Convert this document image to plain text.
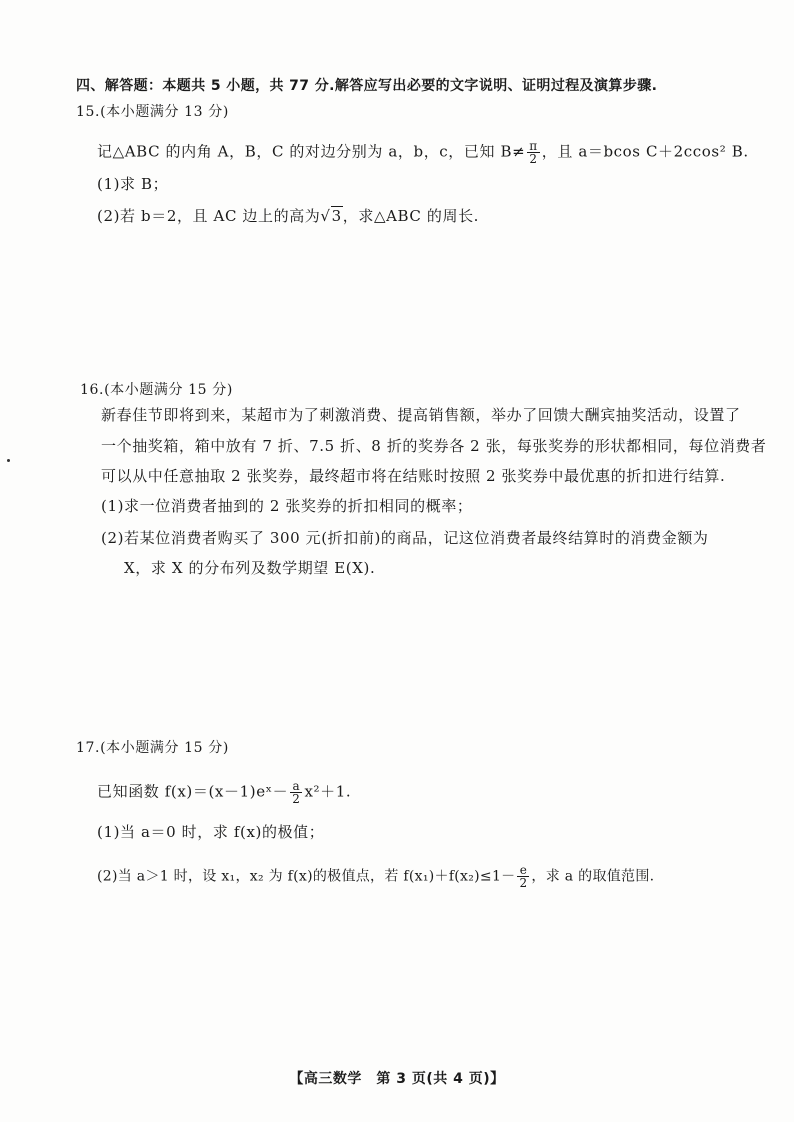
四、解答题：本题共 5 小题，共 77 分.解答应写出必要的文字说明、证明过程及演算步骤.
15.(本小题满分 13 分)
记△ABC 的内角 A，B，C 的对边分别为 a，b，c，已知 $B\ne \frac{\pi}{2}$ ，且 a＝bcos C＋2ccos² B.
(1)求 B；
(2)若 b＝2，且 AC 边上的高为√3，求△ABC 的周长.
16.(本小题满分 15 分)
新春佳节即将到来，某超市为了刺激消费、提高销售额，举办了回馈大酬宾抽奖活动，设置了
一个抽奖箱，箱中放有 7 折、7.5 折、8 折的奖券各 2 张，每张奖券的形状都相同，每位消费者
可以从中任意抽取 2 张奖券，最终超市将在结账时按照 2 张奖券中最优惠的折扣进行结算.
(1)求一位消费者抽到的 2 张奖券的折扣相同的概率；
(2)若某位消费者购买了 300 元(折扣前)的商品，记这位消费者最终结算时的消费金额为
X，求 X 的分布列及数学期望 E(X).
17.(本小题满分 15 分)
已知函数 f(x)＝(x－1)eˣ－ $\frac{a}{2} x^2+1$.
(1)当 a＝0 时，求 f(x)的极值；
(2)当 a＞1 时，设 x₁，x₂ 为 f(x)的极值点，若 $f(x_1)+f(x_2)\le 1- \frac{e}{2}$ ，求 a 的取值范围.
【高三数学　第 3 页(共 4 页)】
